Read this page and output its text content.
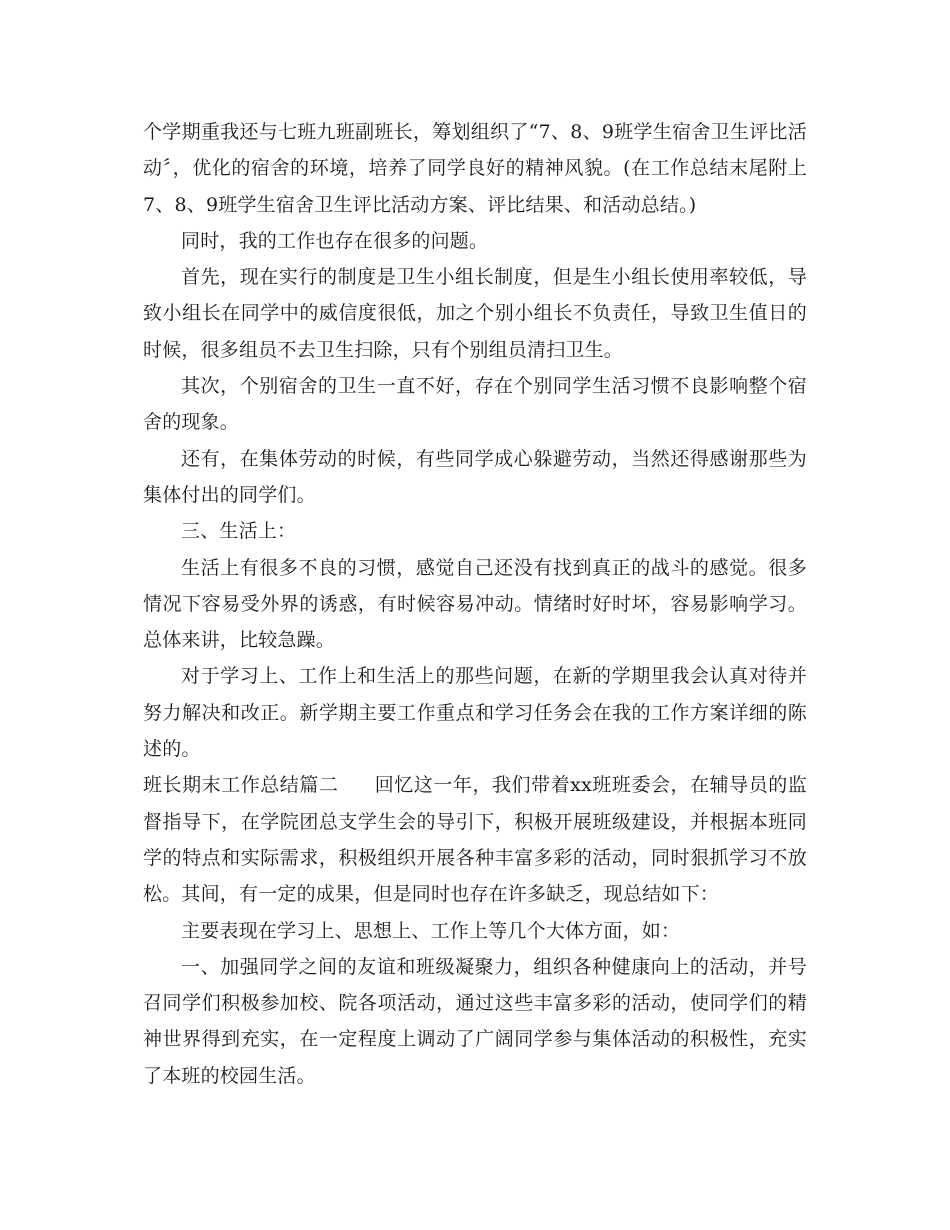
个学期重我还与七班九班副班长，筹划组织了“7、8、9班学生宿舍卫生评比活动〞，优化的宿舍的环境，培养了同学良好的精神风貌。(在工作总结末尾附上7、8、9班学生宿舍卫生评比活动方案、评比结果、和活动总结。)

同时，我的工作也存在很多的问题。

首先，现在实行的制度是卫生小组长制度，但是生小组长使用率较低，导致小组长在同学中的威信度很低，加之个别小组长不负责任，导致卫生值日的时候，很多组员不去卫生扫除，只有个别组员清扫卫生。

其次，个别宿舍的卫生一直不好，存在个别同学生活习惯不良影响整个宿舍的现象。

还有，在集体劳动的时候，有些同学成心躲避劳动，当然还得感谢那些为集体付出的同学们。

三、生活上：

生活上有很多不良的习惯，感觉自己还没有找到真正的战斗的感觉。很多情况下容易受外界的诱惑，有时候容易冲动。情绪时好时坏，容易影响学习。总体来讲，比较急躁。

对于学习上、工作上和生活上的那些问题，在新的学期里我会认真对待并努力解决和改正。新学期主要工作重点和学习任务会在我的工作方案详细的陈述的。

班长期末工作总结篇二 回忆这一年，我们带着xx班班委会，在辅导员的监督指导下，在学院团总支学生会的导引下，积极开展班级建设，并根据本班同学的特点和实际需求，积极组织开展各种丰富多彩的活动，同时狠抓学习不放松。其间，有一定的成果，但是同时也存在许多缺乏，现总结如下：

主要表现在学习上、思想上、工作上等几个大体方面，如：

一、加强同学之间的友谊和班级凝聚力，组织各种健康向上的活动，并号召同学们积极参加校、院各项活动，通过这些丰富多彩的活动，使同学们的精神世界得到充实，在一定程度上调动了广阔同学参与集体活动的积极性，充实了本班的校园生活。
